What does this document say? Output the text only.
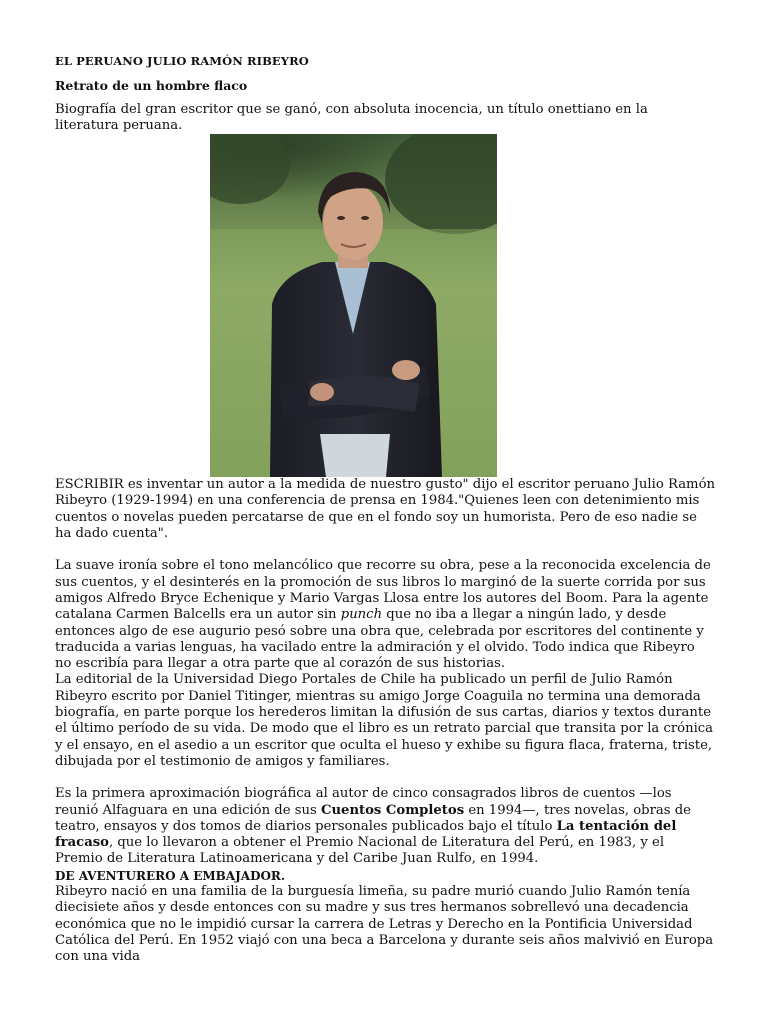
EL PERUANO JULIO RAMÓN RIBEYRO
Retrato de un hombre flaco

Biografía del gran escritor que se ganó, con absoluta inocencia, un título onettiano en la literatura peruana.

ESCRIBIR es inventar un autor a la medida de nuestro gusto" dijo el escritor peruano Julio Ramón Ribeyro (1929-1994) en una conferencia de prensa en 1984."Quienes leen con detenimiento mis cuentos o novelas pueden percatarse de que en el fondo soy un humorista. Pero de eso nadie se ha dado cuenta".

La suave ironía sobre el tono melancólico que recorre su obra, pese a la reconocida excelencia de sus cuentos, y el desinterés en la promoción de sus libros lo marginó de la suerte corrida por sus amigos Alfredo Bryce Echenique y Mario Vargas Llosa entre los autores del Boom. Para la agente catalana Carmen Balcells era un autor sin punch que no iba a llegar a ningún lado, y desde entonces algo de ese augurio pesó sobre una obra que, celebrada por escritores del continente y traducida a varias lenguas, ha vacilado entre la admiración y el olvido. Todo indica que Ribeyro no escribía para llegar a otra parte que al corazón de sus historias.

La editorial de la Universidad Diego Portales de Chile ha publicado un perfil de Julio Ramón Ribeyro escrito por Daniel Titinger, mientras su amigo Jorge Coaguila no termina una demorada biografía, en parte porque los herederos limitan la difusión de sus cartas, diarios y textos durante el último período de su vida. De modo que el libro es un retrato parcial que transita por la crónica y el ensayo, en el asedio a un escritor que oculta el hueso y exhibe su figura flaca, fraterna, triste, dibujada por el testimonio de amigos y familiares.

Es la primera aproximación biográfica al autor de cinco consagrados libros de cuentos —los reunió Alfaguara en una edición de sus Cuentos Completos en 1994—, tres novelas, obras de teatro, ensayos y dos tomos de diarios personales publicados bajo el título La tentación del fracaso, que lo llevaron a obtener el Premio Nacional de Literatura del Perú, en 1983, y el Premio de Literatura Latinoamericana y del Caribe Juan Rulfo, en 1994.

DE AVENTURERO A EMBAJADOR.

Ribeyro nació en una familia de la burguesía limeña, su padre murió cuando Julio Ramón tenía diecisiete años y desde entonces con su madre y sus tres hermanos sobrellevó una decadencia económica que no le impidió cursar la carrera de Letras y Derecho en la Pontificia Universidad Católica del Perú. En 1952 viajó con una beca a Barcelona y durante seis años malvivió en Europa con una vida
